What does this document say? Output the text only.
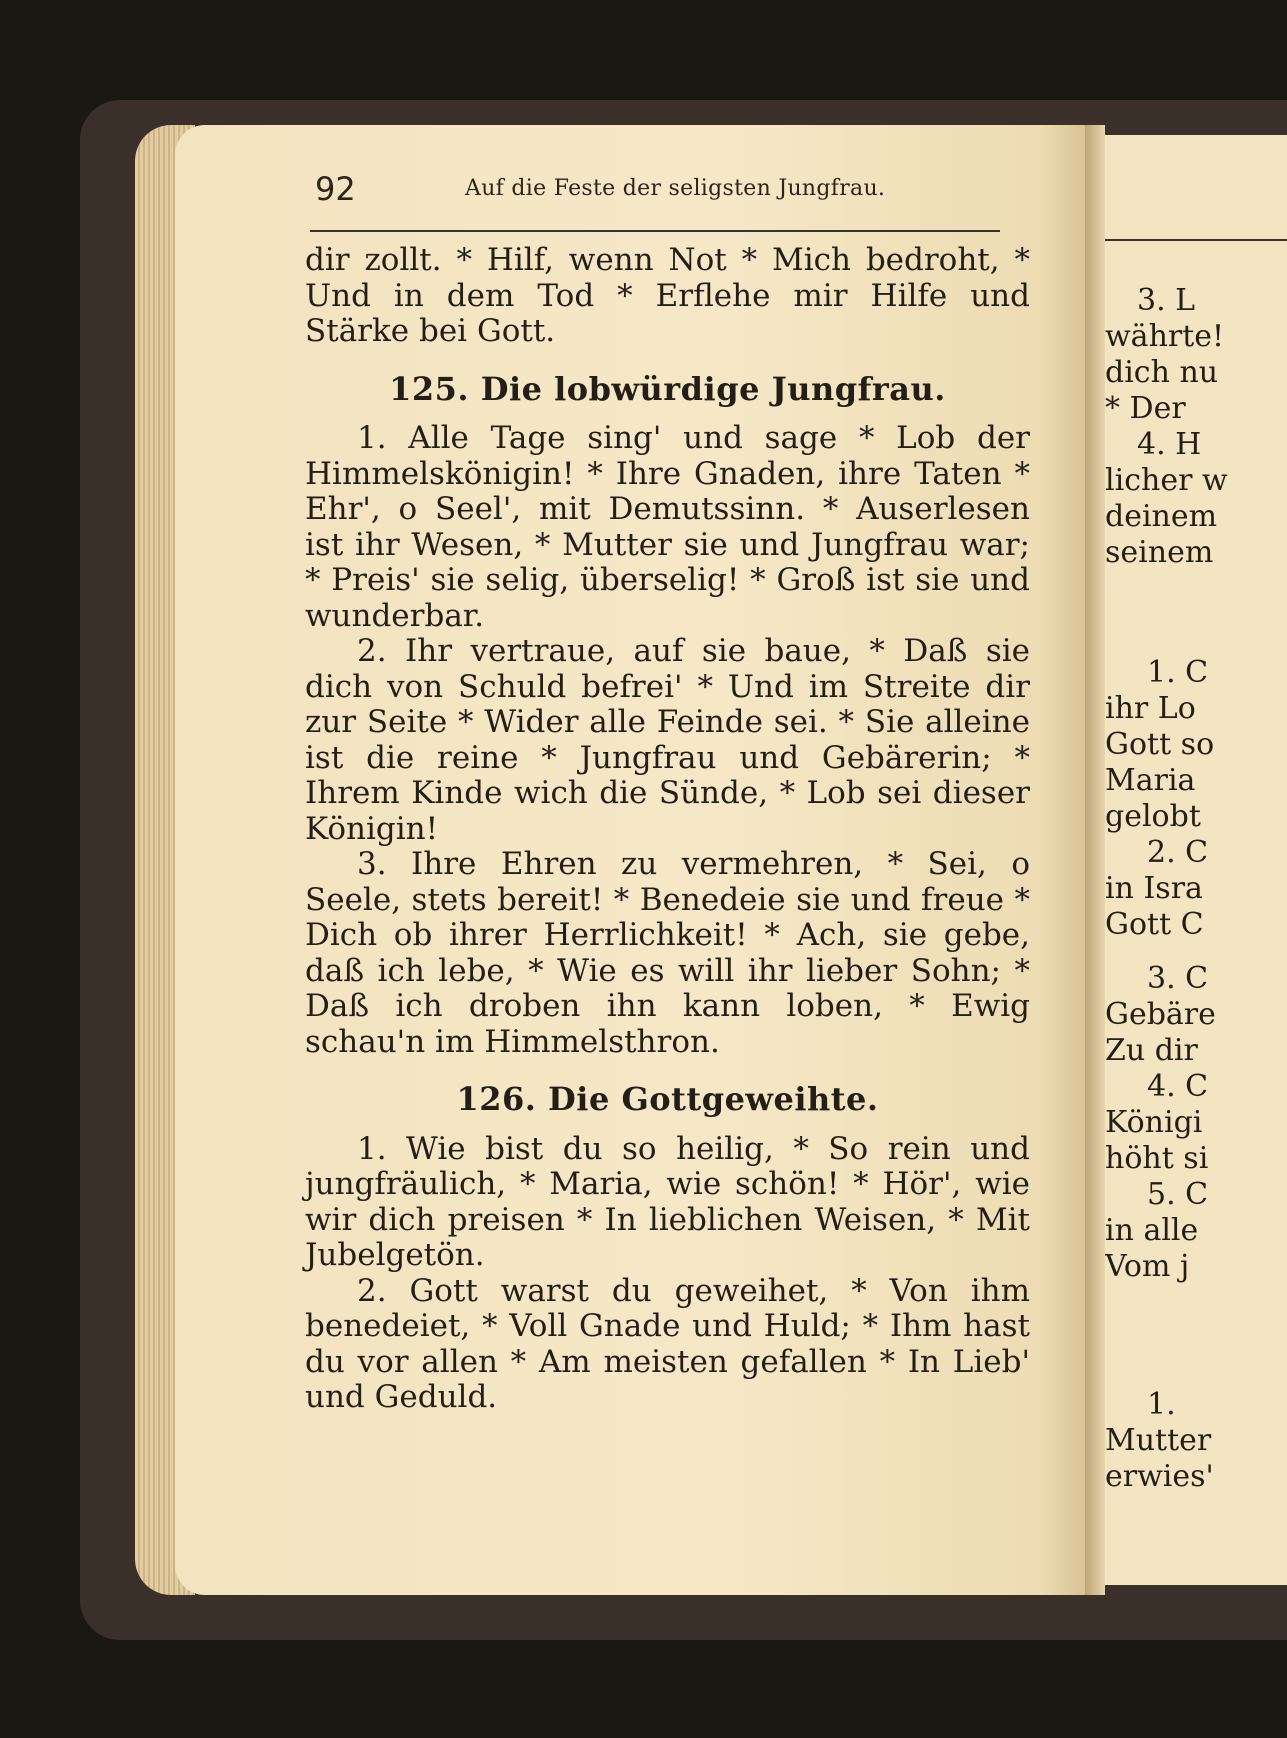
92	Auf die Feste der seligsten Jungfrau.

dir zollt. * Hilf, wenn Not * Mich bedroht, * Und in dem Tod * Erflehe mir Hilfe und Stärke bei Gott.

125. Die lobwürdige Jungfrau.

1. Alle Tage sing' und sage * Lob der Himmelskönigin! * Ihre Gnaden, ihre Taten * Ehr', o Seel', mit Demutssinn. * Auserlesen ist ihr Wesen, * Mutter sie und Jungfrau war; * Preis' sie selig, überselig! * Groß ist sie und wunderbar.

2. Ihr vertraue, auf sie baue, * Daß sie dich von Schuld befrei' * Und im Streite dir zur Seite * Wider alle Feinde sei. * Sie alleine ist die reine * Jungfrau und Gebärerin; * Ihrem Kinde wich die Sünde, * Lob sei dieser Königin!

3. Ihre Ehren zu vermehren, * Sei, o Seele, stets bereit! * Benedeie sie und freue * Dich ob ihrer Herrlichkeit! * Ach, sie gebe, daß ich lebe, * Wie es will ihr lieber Sohn; * Daß ich droben ihn kann loben, * Ewig schau'n im Himmelsthron.

126. Die Gottgeweihte.

1. Wie bist du so heilig, * So rein und jungfräulich, * Maria, wie schön! * Hör', wie wir dich preisen * In lieblichen Weisen, * Mit Jubelgetön.

2. Gott warst du geweihet, * Von ihm benedeiet, * Voll Gnade und Huld; * Ihm hast du vor allen * Am meisten gefallen * In Lieb' und Geduld.

3. L
währte!
dich nu
* Der
4. H
licher w
deinem
seinem
1. C
ihr Lo
Gott so
Maria
gelobt
2. C
in Isra
Gott C
3. C
Gebäre
Zu dir
4. C
Königi
höht si
5. C
in alle
Vom j
1.
Mutter
erwies'
